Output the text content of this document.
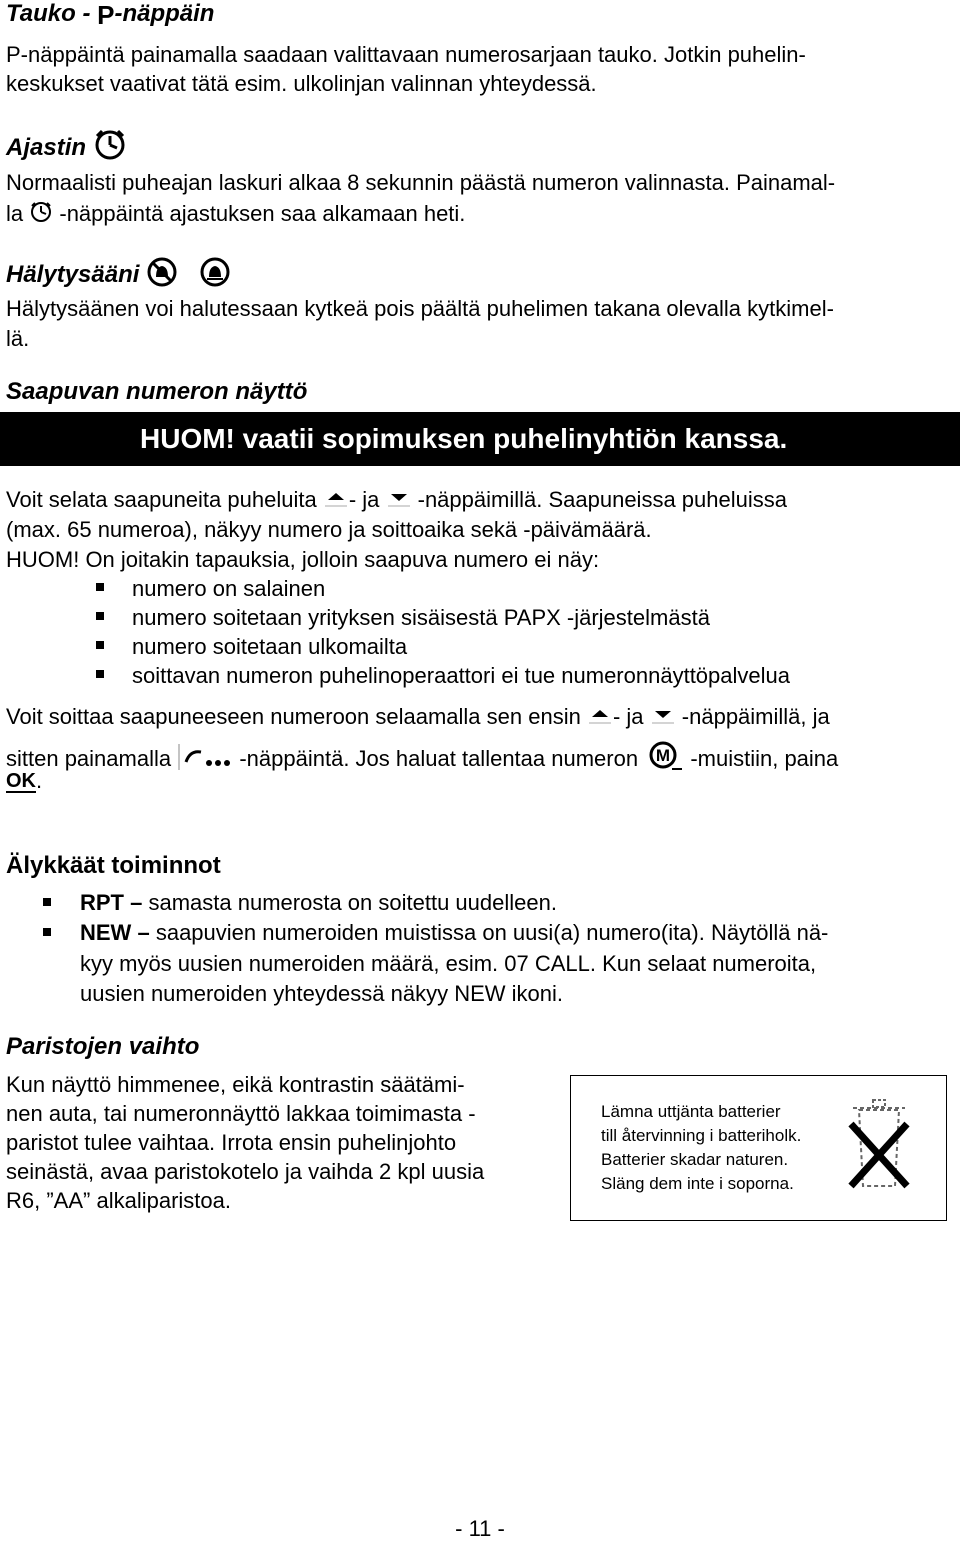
Tauko - P-näppäin
P-näppäintä painamalla saadaan valittavaan numerosarjaan tauko. Jotkin puhelin-
keskukset vaativat tätä esim. ulkolinjan valinnan yhteydessä.
Ajastin
Normaalisti puheajan laskuri alkaa 8 sekunnin päästä numeron valinnasta. Painamal-
la -näppäintä ajastuksen saa alkamaan heti.
Hälytysääni
Hälytysäänen voi halutessaan kytkeä pois päältä puhelimen takana olevalla kytkimel-
lä.
Saapuvan numeron näyttö
HUOM! vaatii sopimuksen puhelinyhtiön kanssa.
Voit selata saapuneita puheluita - ja -näppäimillä. Saapuneissa puheluissa
(max. 65 numeroa), näkyy numero ja soittoaika sekä -päivämäärä.
HUOM! On joitakin tapauksia, jolloin saapuva numero ei näy:
numero on salainen
numero soitetaan yrityksen sisäisestä PAPX -järjestelmästä
numero soitetaan ulkomailta
soittavan numeron puhelinoperaattori ei tue numeronnäyttöpalvelua
Voit soittaa saapuneeseen numeroon selaamalla sen ensin - ja -näppäimillä, ja
sitten painamalla	-näppäintä. Jos haluat tallentaa numeron M -muistiin, paina
OK.
Älykkäät toiminnot
RPT – samasta numerosta on soitettu uudelleen.
NEW – saapuvien numeroiden muistissa on uusi(a) numero(ita). Näytöllä nä-
kyy myös uusien numeroiden määrä, esim. 07 CALL. Kun selaat numeroita,
uusien numeroiden yhteydessä näkyy NEW ikoni.
Paristojen vaihto
Kun näyttö himmenee, eikä kontrastin säätämi-
nen auta, tai numeronnäyttö lakkaa toimimasta -
paristot tulee vaihtaa. Irrota ensin puhelinjohto
seinästä, avaa paristokotelo ja vaihda 2 kpl uusia
R6, ”AA” alkaliparistoa.
Lämna uttjänta batterier
till återvinning i batteriholk.
Batterier skadar naturen.
Släng dem inte i soporna.
- 11 -
